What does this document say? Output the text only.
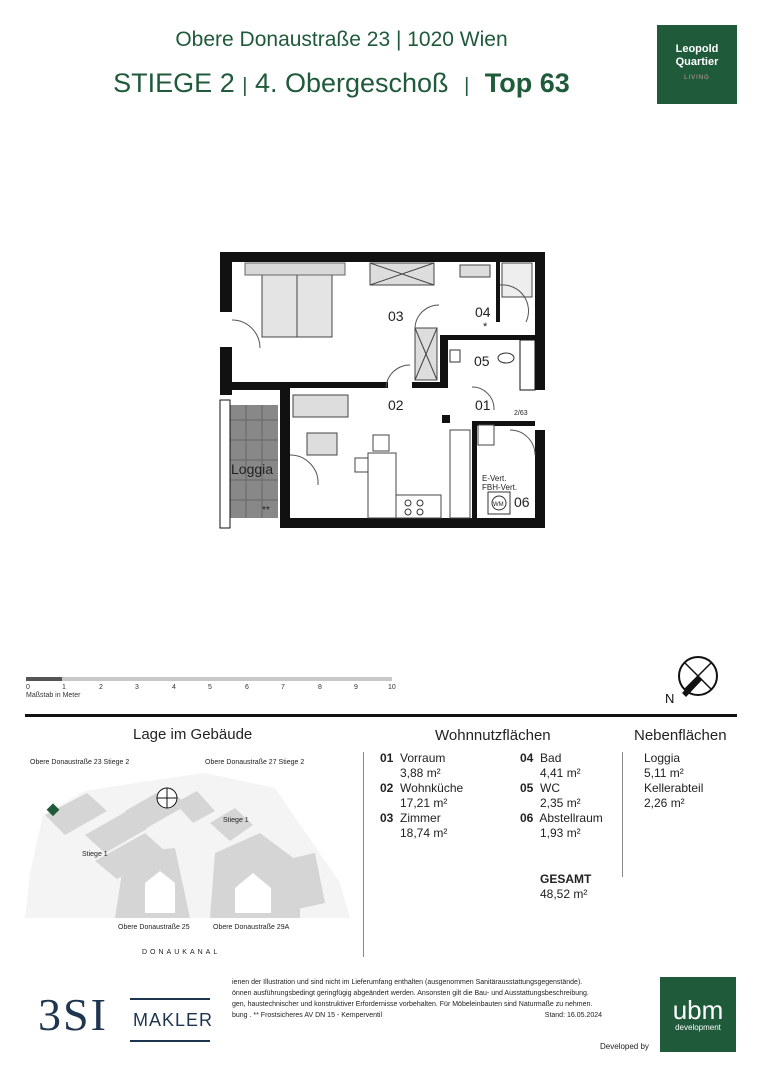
Obere Donaustraße 23 | 1020 Wien
STIEGE 2 | 4. Obergeschoß | Top 63
Leopold
Quartier
LIVING
03	04
*
05
02	01
2/63
Loggia
**
E-Vert.
FBH-Vert.
WM 06
0	1	2	3	4	5	6	7	8	9	10
Maßstab in Meter	N
Lage im Gebäude	Wohnnutzflächen	Nebenflächen
Obere Donaustraße 23 Stiege 2	Obere Donaustraße 27 Stiege 2
Stiege 1
Stiege 1
Obere Donaustraße 25	Obere Donaustraße 29A
DONAUKANAL
01 Vorraum
3,88 m²
02 Wohnküche
17,21 m²
03 Zimmer
18,74 m²
04 Bad
4,41 m²
05 WC
2,35 m²
06 Abstellraum
1,93 m²
GESAMT
48,52 m²
Loggia
5,11 m²
Kellerabteil
2,26 m²
3SI MAKLER
ienen der Illustration und sind nicht im Lieferumfang enthalten (ausgenommen Sanitärausstattungsgegenstände).
önnen ausführungsbedingt geringfügig abgeändert werden. Ansonsten gilt die Bau- und Ausstattungsbeschreibung.
gen, haustechnischer und konstruktiver Erfordernisse vorbehalten. Für Möbeleinbauten sind Naturmaße zu nehmen.
bung . ** Frostsicheres AV DN 15 - Kemperventil	Stand: 16.05.2024
Developed by
ubm
development
